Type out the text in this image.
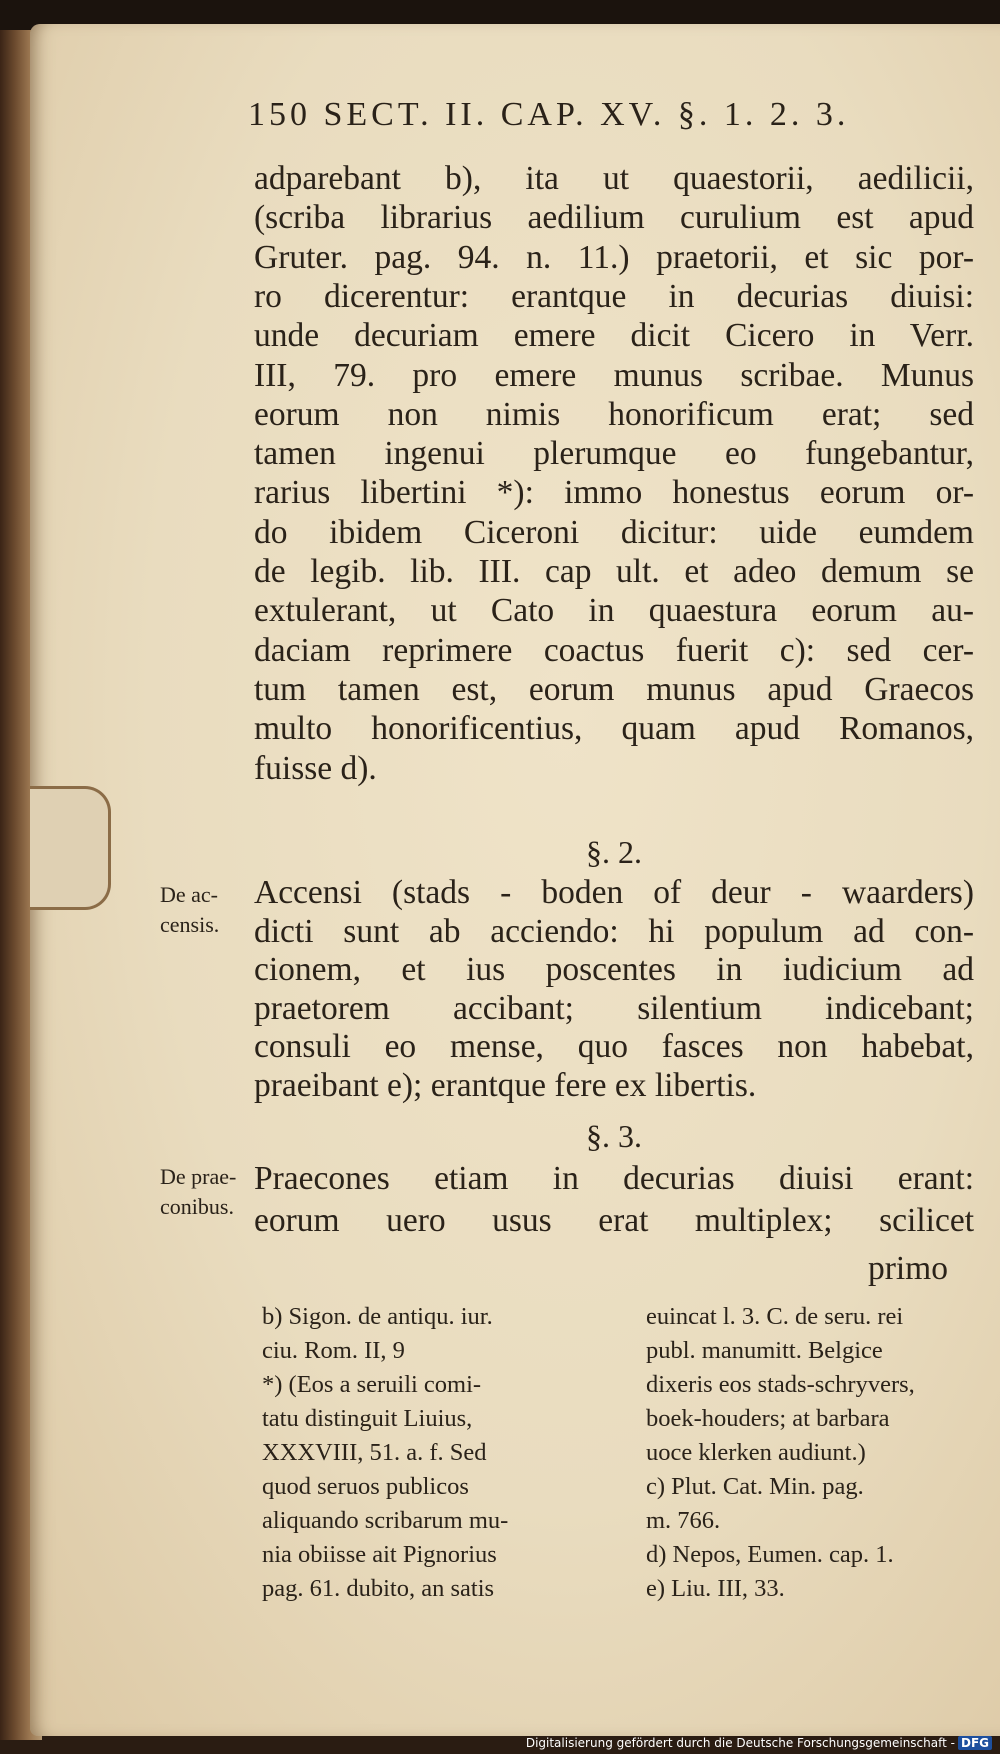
150 SECT. II. CAP. XV. §. 1. 2. 3.
adparebant b), ita ut quaestorii, aedilicii,
(scriba librarius aedilium curulium est apud
Gruter. pag. 94. n. 11.) praetorii, et sic por-
ro dicerentur: erantque in decurias diuisi:
unde decuriam emere dicit Cicero in Verr.
III, 79. pro emere munus scribae. Munus
eorum non nimis honorificum erat; sed
tamen ingenui plerumque eo fungebantur,
rarius libertini *): immo honestus eorum or-
do ibidem Ciceroni dicitur: uide eumdem
de legib. lib. III. cap ult. et adeo demum se
extulerant, ut Cato in quaestura eorum au-
daciam reprimere coactus fuerit c): sed cer-
tum tamen est, eorum munus apud Graecos
multo honorificentius, quam apud Romanos,
fuisse d).
§. 2.
De ac-
censis.
Accensi (stads - boden of deur - waarders)
dicti sunt ab acciendo: hi populum ad con-
cionem, et ius poscentes in iudicium ad
praetorem accibant; silentium indicebant;
consuli eo mense, quo fasces non habebat,
praeibant e); erantque fere ex libertis.
§. 3.
De prae-
conibus.
Praecones etiam in decurias diuisi erant:
eorum uero usus erat multiplex; scilicet
primo
b) Sigon. de antiqu. iur.
ciu. Rom. II, 9
*) (Eos a seruili comi-
tatu distinguit Liuius,
XXXVIII, 51. a. f. Sed
quod seruos publicos
aliquando scribarum mu-
nia obiisse ait Pignorius
pag. 61. dubito, an satis
euincat l. 3. C. de seru. rei
publ. manumitt. Belgice
dixeris eos stads-schryvers,
boek-houders; at barbara
uoce klerken audiunt.)
c) Plut. Cat. Min. pag.
m. 766.
d) Nepos, Eumen. cap. 1.
e) Liu. III, 33.
Digitalisierung gefördert durch die Deutsche Forschungsgemeinschaft - DFG
